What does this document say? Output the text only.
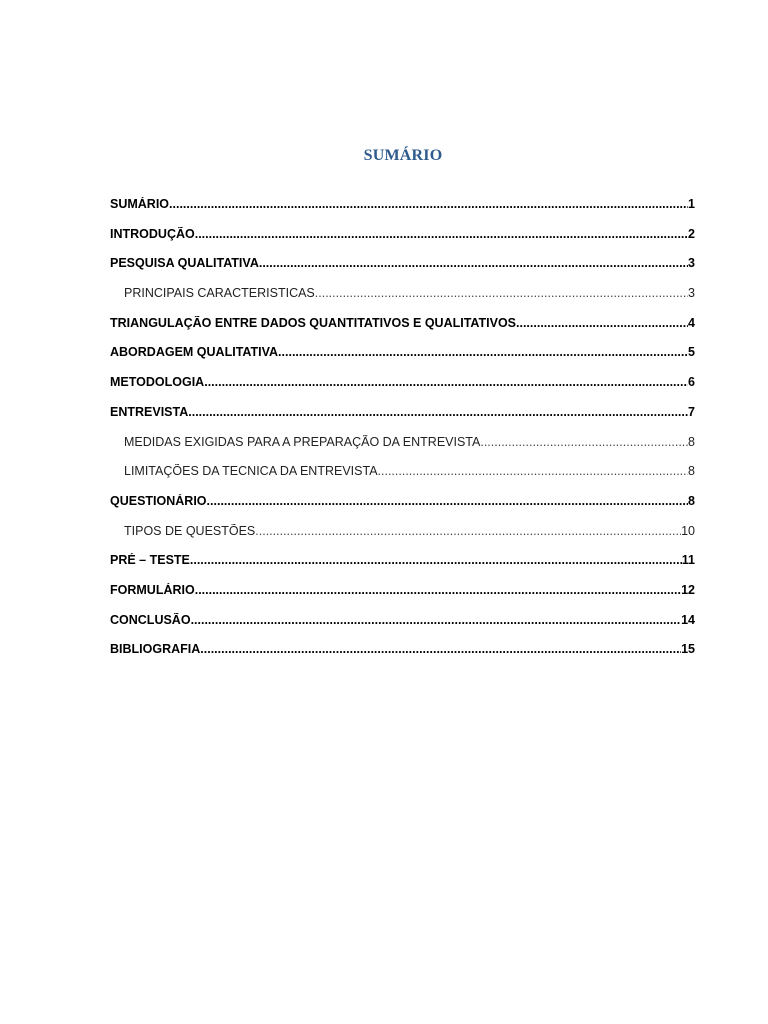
SUMÁRIO
SUMÁRIO .....	1
INTRODUÇÃO .....	2
PESQUISA QUALITATIVA .....	3
PRINCIPAIS CARACTERISTICAS .....	3
TRIANGULAÇÃO ENTRE DADOS QUANTITATIVOS E QUALITATIVOS .....	4
ABORDAGEM QUALITATIVA .....	5
METODOLOGIA .....	6
ENTREVISTA .....	7
MEDIDAS EXIGIDAS PARA A PREPARAÇÃO DA ENTREVISTA .....	8
LIMITAÇÕES DA TECNICA DA ENTREVISTA .....	8
QUESTIONÁRIO .....	8
TIPOS DE QUESTÕES .....	10
PRÉ – TESTE .....	11
FORMULÁRIO .....	12
CONCLUSÃO .....	14
BIBLIOGRAFIA .....	15
